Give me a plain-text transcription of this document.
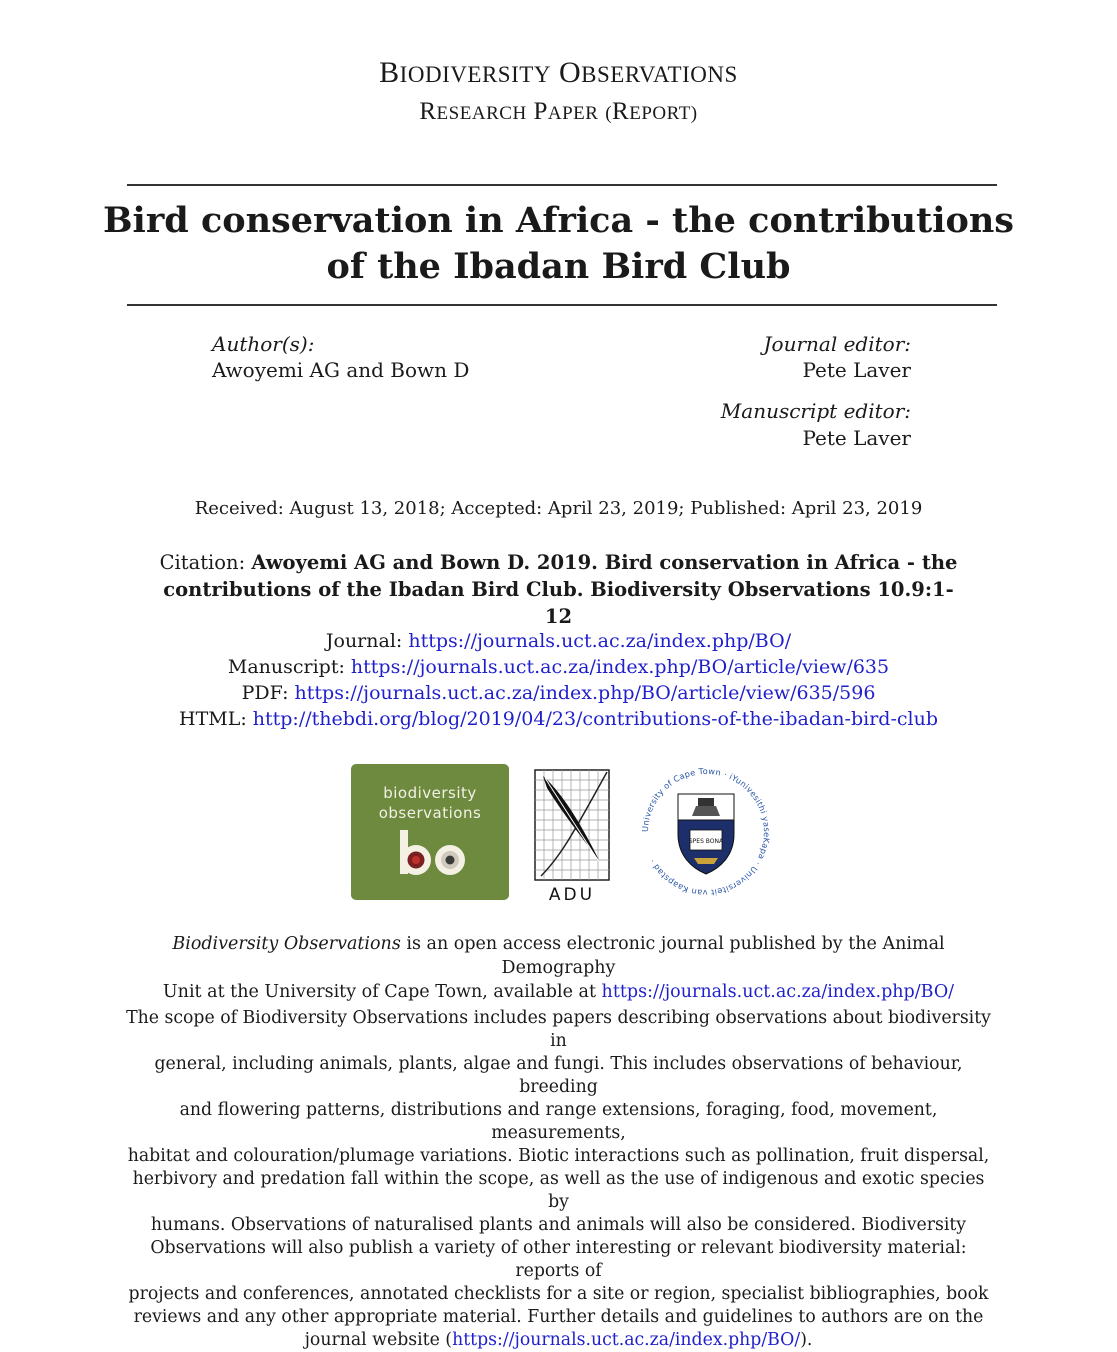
BIODIVERSITY OBSERVATIONS
RESEARCH PAPER (REPORT)
Bird conservation in Africa - the contributions
of the Ibadan Bird Club
Author(s):
Awoyemi AG and Bown D
Journal editor:
Pete Laver
Manuscript editor:
Pete Laver
Received: August 13, 2018; Accepted: April 23, 2019; Published: April 23, 2019
Citation: Awoyemi AG and Bown D. 2019. Bird conservation in Africa - the
contributions of the Ibadan Bird Club. Biodiversity Observations 10.9:1-12
Journal: https://journals.uct.ac.za/index.php/BO/
Manuscript: https://journals.uct.ac.za/index.php/BO/article/view/635
PDF: https://journals.uct.ac.za/index.php/BO/article/view/635/596
HTML: http://thebdi.org/blog/2019/04/23/contributions-of-the-ibadan-bird-club
biodiversity
observations
ADU
University of Cape Town · iYunivesithi yaseKapa · Universiteit van Kaapstad ·
SPES BONA
Biodiversity Observations is an open access electronic journal published by the Animal Demography
Unit at the University of Cape Town, available at https://journals.uct.ac.za/index.php/BO/
The scope of Biodiversity Observations includes papers describing observations about biodiversity in
general, including animals, plants, algae and fungi. This includes observations of behaviour, breeding
and flowering patterns, distributions and range extensions, foraging, food, movement, measurements,
habitat and colouration/plumage variations. Biotic interactions such as pollination, fruit dispersal,
herbivory and predation fall within the scope, as well as the use of indigenous and exotic species by
humans. Observations of naturalised plants and animals will also be considered. Biodiversity
Observations will also publish a variety of other interesting or relevant biodiversity material: reports of
projects and conferences, annotated checklists for a site or region, specialist bibliographies, book
reviews and any other appropriate material. Further details and guidelines to authors are on the
journal website (https://journals.uct.ac.za/index.php/BO/).
